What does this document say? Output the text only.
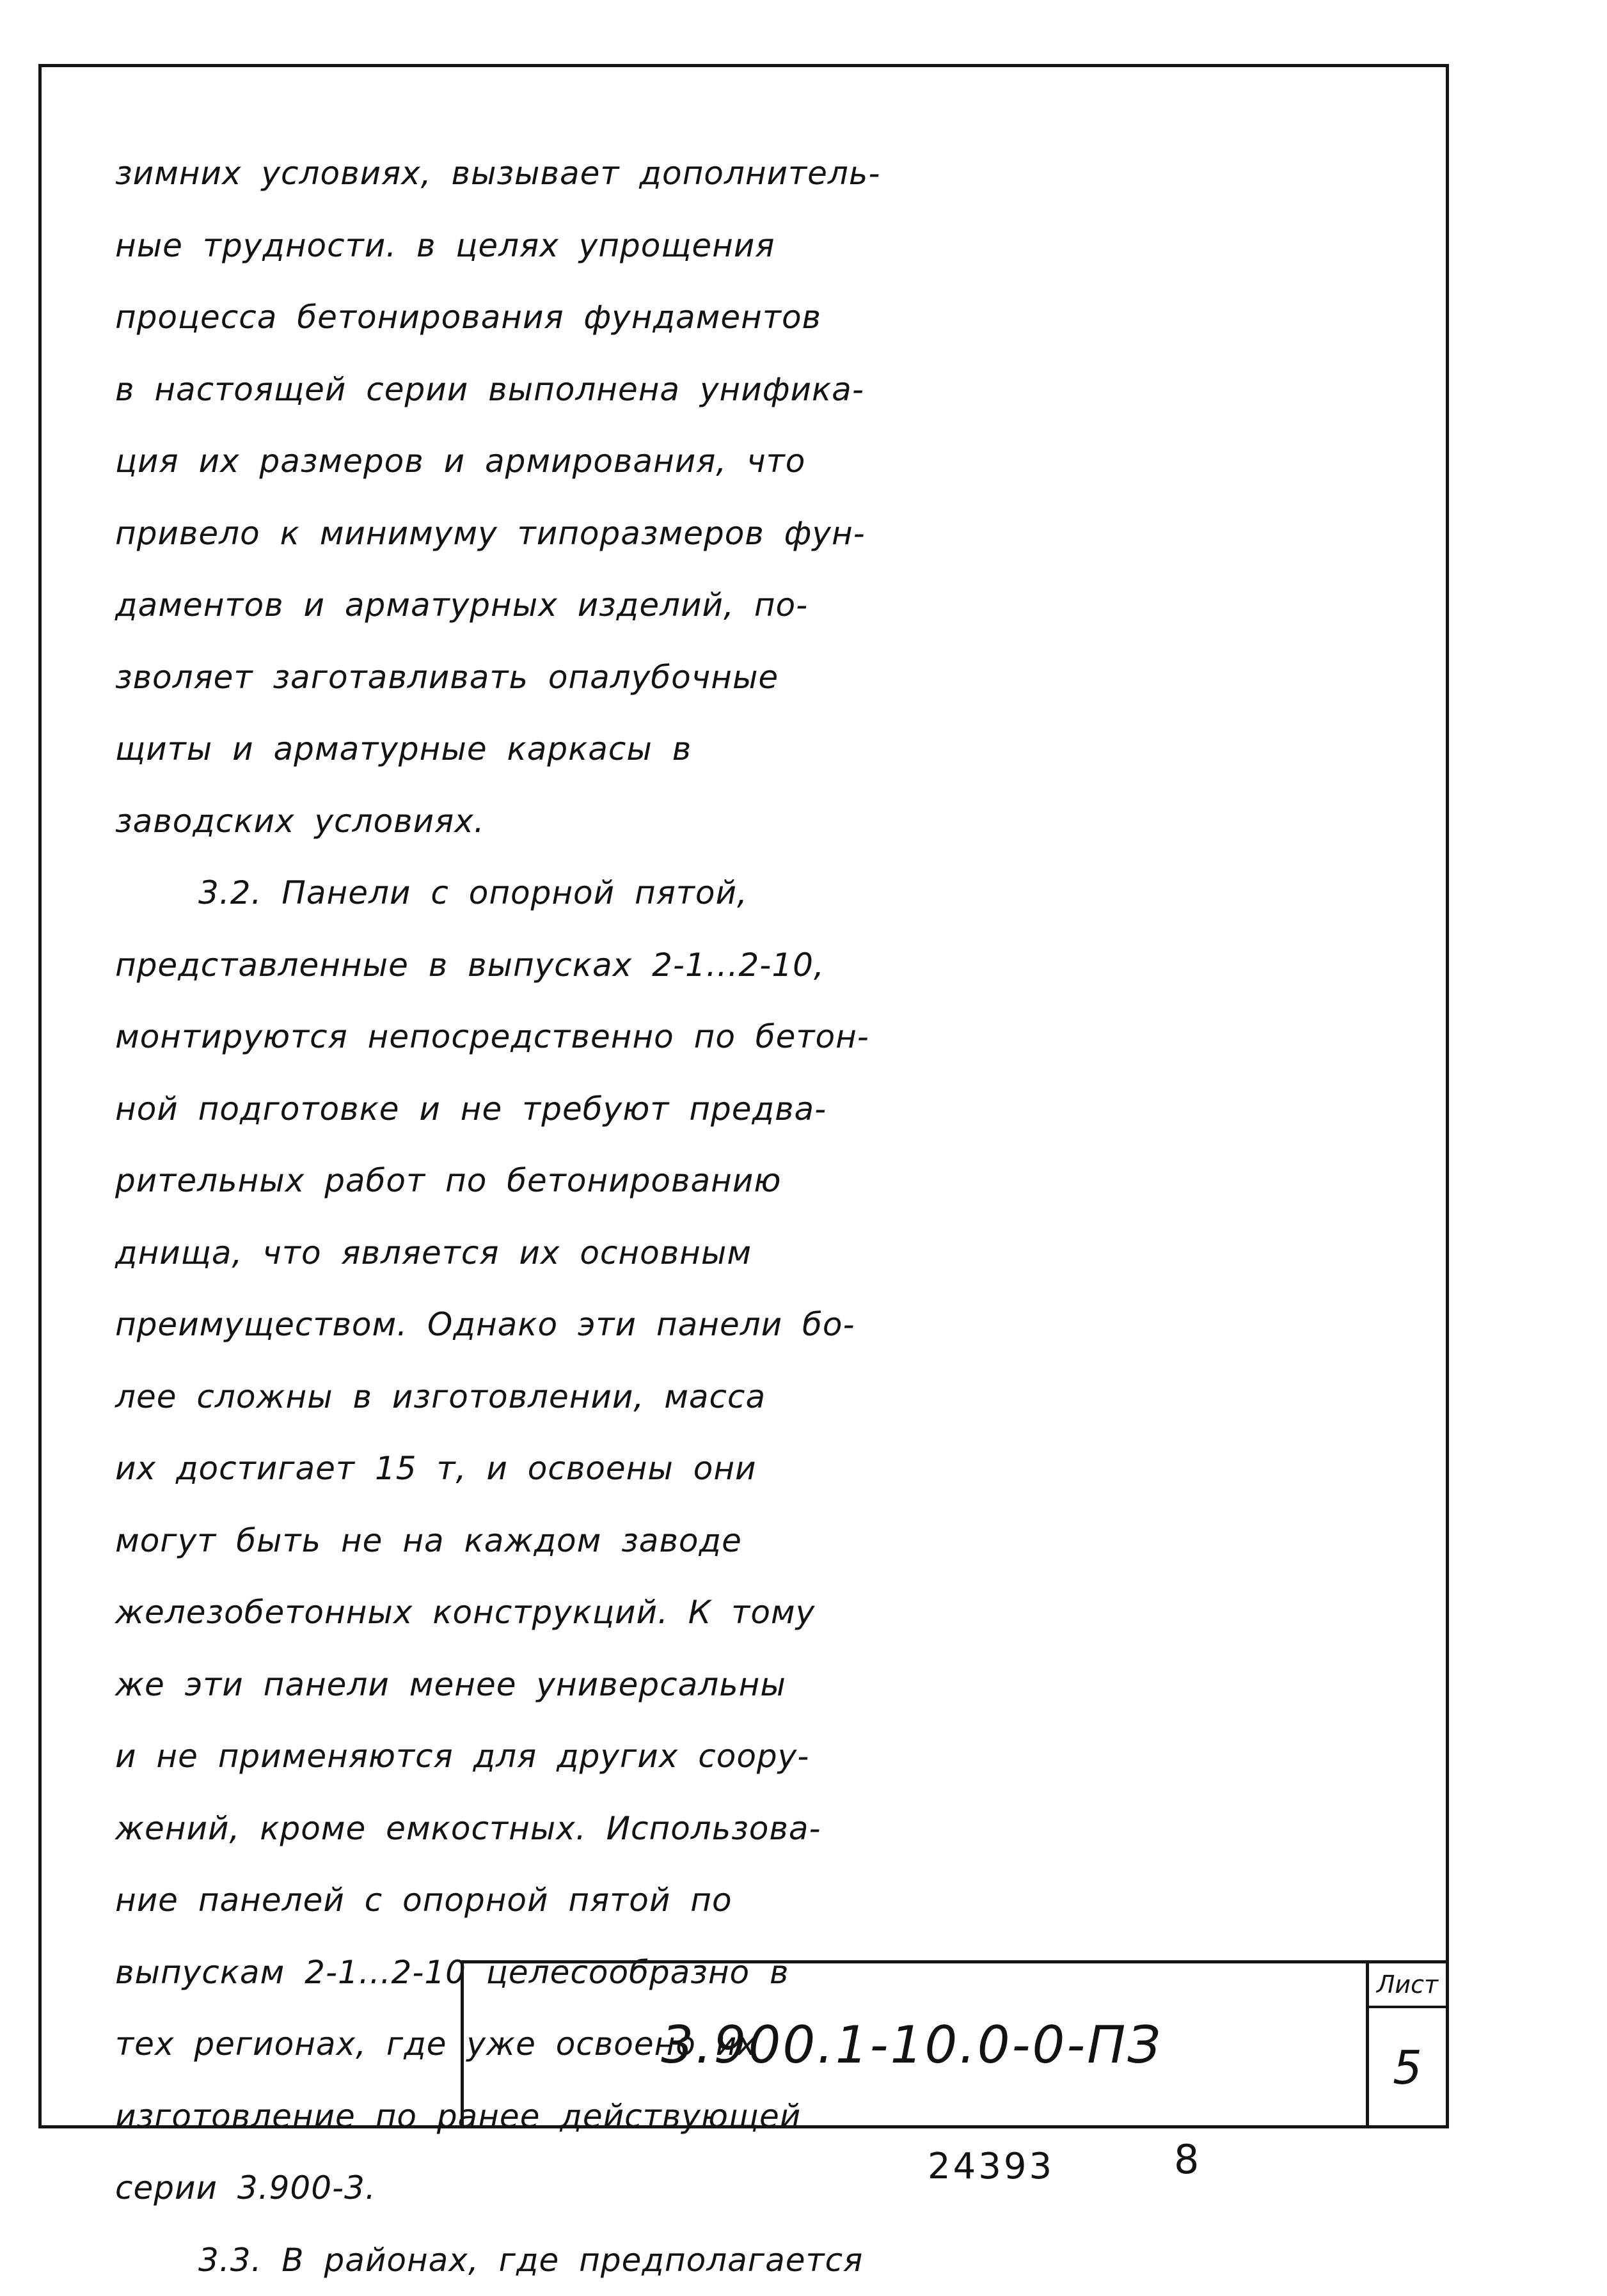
зимних условиях, вызывает дополнитель-
ные трудности. в целях упрощения
процесса бетонирования фундаментов
в настоящей серии выполнена унифика-
ция их размеров и армирования, что
привело к минимуму типоразмеров фун-
даментов и арматурных изделий, по-
зволяет заготавливать опалубочные
щиты и арматурные каркасы в
заводских условиях.
3.2. Панели с опорной пятой,
представленные в выпусках 2-1...2-10,
монтируются непосредственно по бетон-
ной подготовке и не требуют предва-
рительных работ по бетонированию
днища, что является их основным
преимуществом. Однако эти панели бо-
лее сложны в изготовлении, масса
их достигает 15 т, и освоены они
могут быть не на каждом заводе
железобетонных конструкций. К тому
же эти панели менее универсальны
и не применяются для других соору-
жений, кроме емкостных. Использова-
ние панелей с опорной пятой по
выпускам 2-1...2-10 целесообразно в
тех регионах, где уже освоено их
изготовление по ранее действующей
серии 3.900-3.
3.3. В районах, где предполагается
3.900.1-10.0-0-ПЗ
Лист
5
24393	8
